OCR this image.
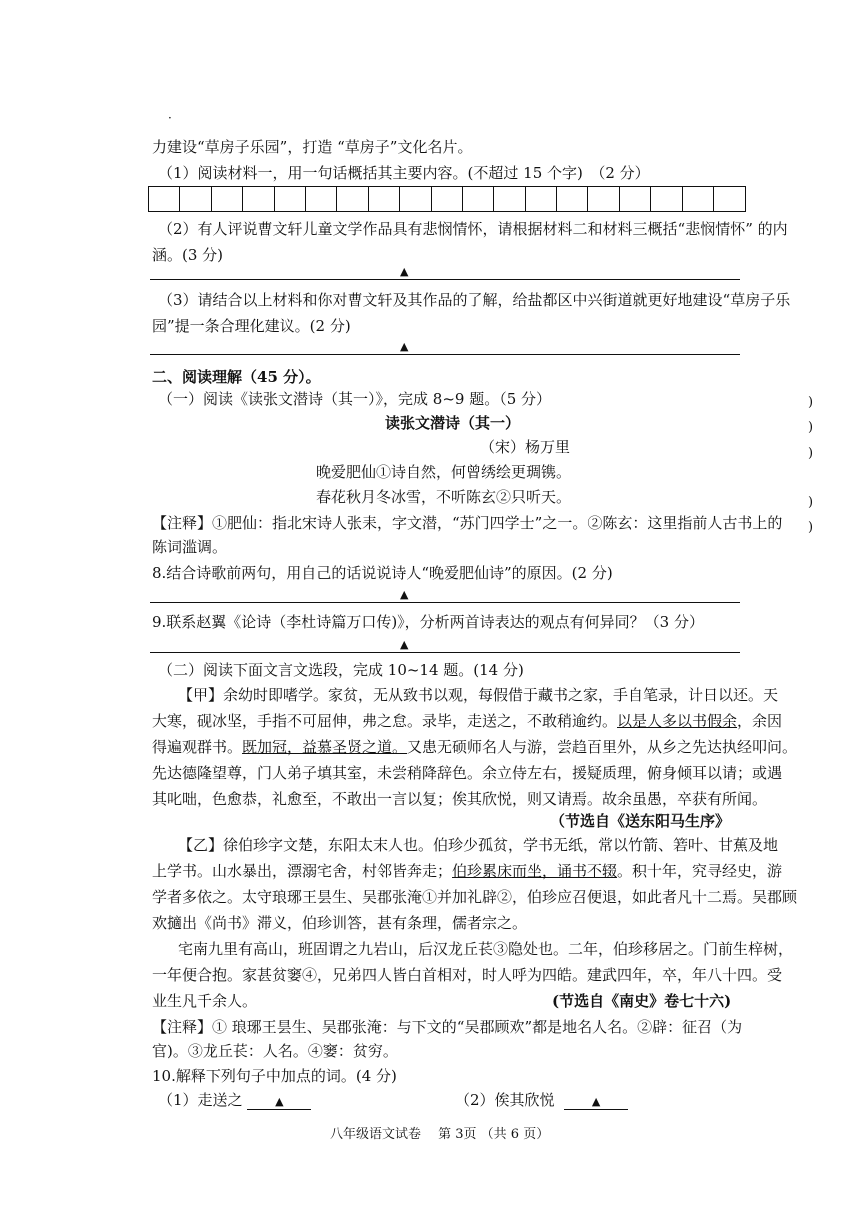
·
力建设“草房子乐园”，打造 “草房子”文化名片。
（1）阅读材料一，用一句话概括其主要内容。(不超过 15 个字)　（2 分）
（2）有人评说曹文轩儿童文学作品具有悲悯情怀，请根据材料二和材料三概括“悲悯情怀” 的内
涵。(3 分)
▲
（3）请结合以上材料和你对曹文轩及其作品的了解，给盐都区中兴街道就更好地建设“草房子乐
园”提一条合理化建议。(2 分)
▲
二、阅读理解（45 分）。
（一）阅读《读张文潜诗（其一）》，完成 8~9 题。（5 分）
读张文潜诗（其一）
（宋）杨万里
晚爱肥仙①诗自然，何曾绣绘更琱镌。
春花秋月冬冰雪，不听陈玄②只听天。
【注释】①肥仙：指北宋诗人张耒，字文潜，“苏门四学士”之一。②陈玄：这里指前人古书上的
陈词滥调。
8.结合诗歌前两句，用自己的话说说诗人“晚爱肥仙诗”的原因。(2 分)
▲
9.联系赵翼《论诗（李杜诗篇万口传)》，分析两首诗表达的观点有何异同？（3 分）
▲
（二）阅读下面文言文选段，完成 10~14 题。(14 分)
【甲】余幼时即嗜学。家贫，无从致书以观，每假借于藏书之家，手自笔录，计日以还。天
大寒，砚冰坚，手指不可屈伸，弗之怠。录毕，走送之，不敢稍逾约。以是人多以书假余，余因
得遍观群书。既加冠，益慕圣贤之道。又患无硕师名人与游，尝趋百里外，从乡之先达执经叩问。
先达德隆望尊，门人弟子填其室，未尝稍降辞色。余立侍左右，援疑质理，俯身倾耳以请；或遇
其叱咄，色愈恭，礼愈至，不敢出一言以复；俟其欣悦，则又请焉。故余虽愚，卒获有所闻。
（节选自《送东阳马生序》
【乙】徐伯珍字文楚，东阳太末人也。伯珍少孤贫，学书无纸，常以竹箭、箬叶、甘蕉及地
上学书。山水暴出，漂溺宅舍，村邻皆奔走；伯珍累床而坐，诵书不辍。积十年，究寻经史，游
学者多依之。太守琅琊王昙生、吴郡张淹①并加礼辟②，伯珍应召便退，如此者凡十二焉。吴郡顾
欢擿出《尚书》滞义，伯珍训答，甚有条理，儒者宗之。
宅南九里有高山，班固谓之九岩山，后汉龙丘苌③隐处也。二年，伯珍移居之。门前生梓树，
一年便合抱。家甚贫窭④，兄弟四人皆白首相对，时人呼为四皓。建武四年，卒，年八十四。受
业生凡千余人。	(节选自《南史》卷七十六)
【注释】① 琅琊王昙生、吴郡张淹：与下文的“吴郡顾欢”都是地名人名。②辟：征召（为
官)。③龙丘苌：人名。④窭：贫穷。
10.解释下列句子中加点的词。(4 分)
（1）走送之	▲	（2）俟其欣悦	▲
八年级语文试卷　 第 3页 （共 6 页）
)
)
)
)
)
